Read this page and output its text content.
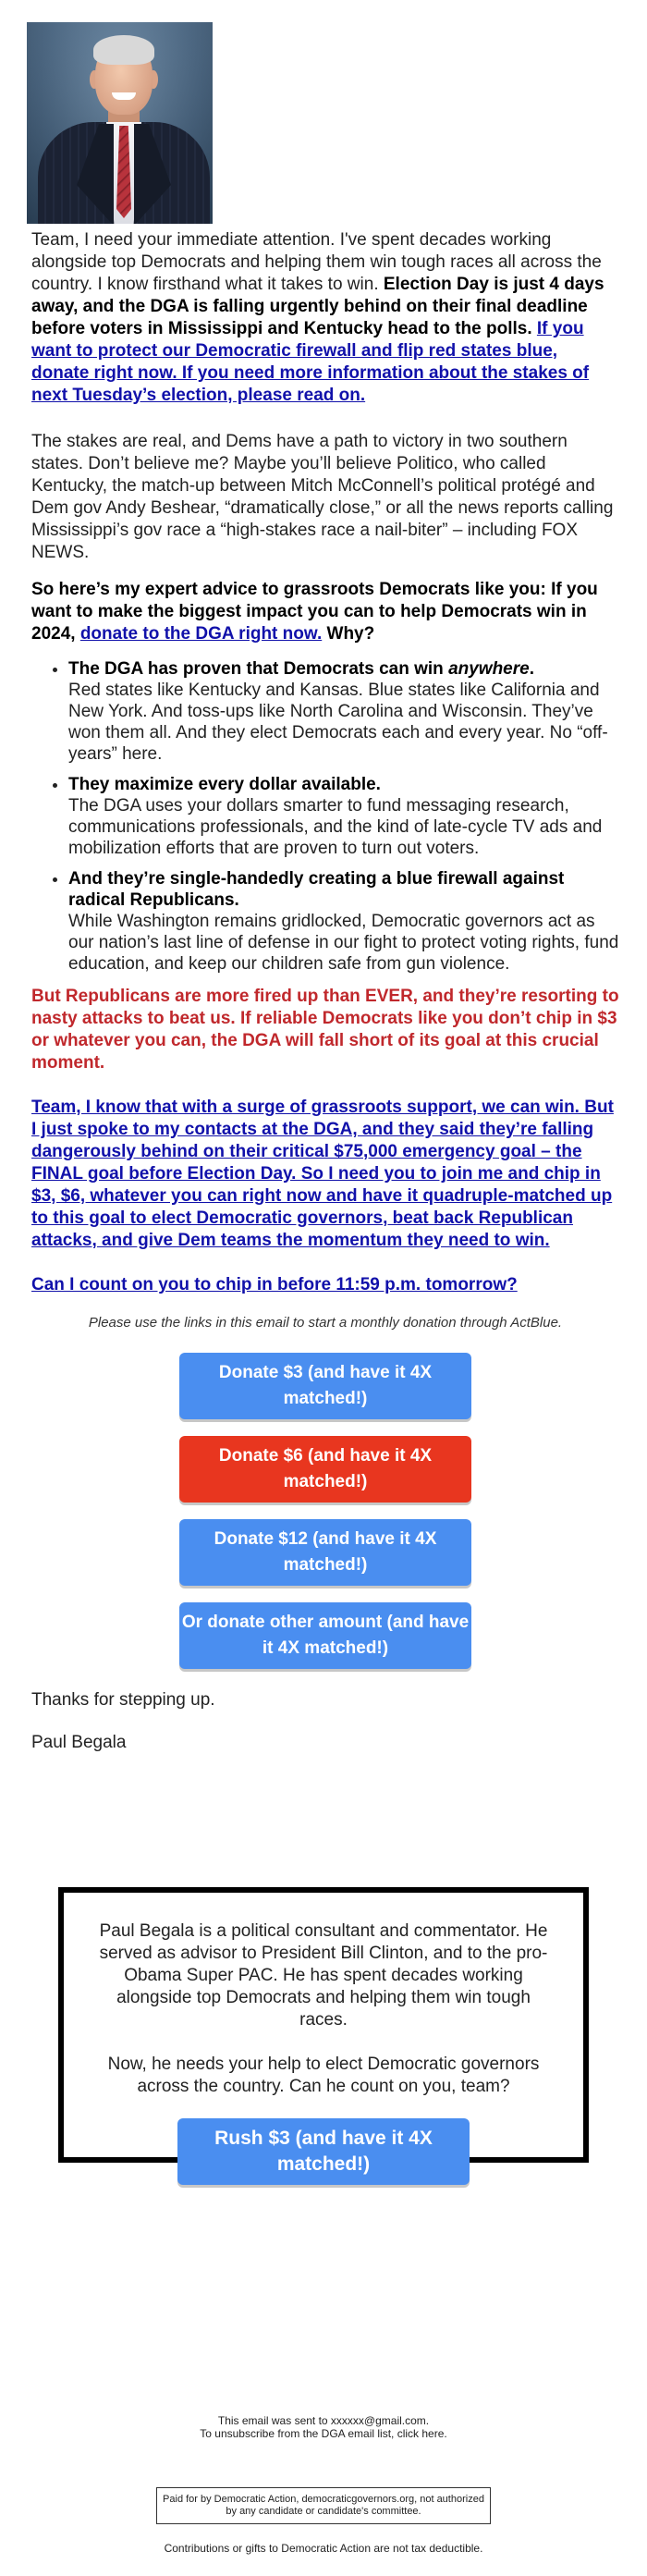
Team, I need your immediate attention. I've spent decades working alongside top Democrats and helping them win tough races all across the country. I know firsthand what it takes to win. Election Day is just 4 days away, and the DGA is falling urgently behind on their final deadline before voters in Mississippi and Kentucky head to the polls. If you want to protect our Democratic firewall and flip red states blue, donate right now. If you need more information about the stakes of next Tuesday’s election, please read on.

The stakes are real, and Dems have a path to victory in two southern states. Don’t believe me? Maybe you’ll believe Politico, who called Kentucky, the match-up between Mitch McConnell’s political protégé and Dem gov Andy Beshear, “dramatically close,” or all the news reports calling Mississippi’s gov race a “high-stakes race a nail-biter” – including FOX NEWS.

So here’s my expert advice to grassroots Democrats like you: If you want to make the biggest impact you can to help Democrats win in 2024, donate to the DGA right now. Why?

• The DGA has proven that Democrats can win anywhere.
Red states like Kentucky and Kansas. Blue states like California and New York. And toss-ups like North Carolina and Wisconsin. They’ve won them all. And they elect Democrats each and every year. No “off-years” here.
• They maximize every dollar available.
The DGA uses your dollars smarter to fund messaging research, communications professionals, and the kind of late-cycle TV ads and mobilization efforts that are proven to turn out voters.
• And they’re single-handedly creating a blue firewall against radical Republicans.
While Washington remains gridlocked, Democratic governors act as our nation’s last line of defense in our fight to protect voting rights, fund education, and keep our children safe from gun violence.

But Republicans are more fired up than EVER, and they’re resorting to nasty attacks to beat us. If reliable Democrats like you don’t chip in $3 or whatever you can, the DGA will fall short of its goal at this crucial moment.

Team, I know that with a surge of grassroots support, we can win. But I just spoke to my contacts at the DGA, and they said they’re falling dangerously behind on their critical $75,000 emergency goal – the FINAL goal before Election Day. So I need you to join me and chip in $3, $6, whatever you can right now and have it quadruple-matched up to this goal to elect Democratic governors, beat back Republican attacks, and give Dem teams the momentum they need to win.

Can I count on you to chip in before 11:59 p.m. tomorrow?

Please use the links in this email to start a monthly donation through ActBlue.

Donate $3 (and have it 4X matched!)
Donate $6 (and have it 4X matched!)
Donate $12 (and have it 4X matched!)
Or donate other amount (and have it 4X matched!)

Thanks for stepping up.

Paul Begala

Paul Begala is a political consultant and commentator. He served as advisor to President Bill Clinton, and to the pro-Obama Super PAC. He has spent decades working alongside top Democrats and helping them win tough races.

Now, he needs your help to elect Democratic governors across the country. Can he count on you, team?

Rush $3 (and have it 4X matched!)
This email was sent to xxxxxx@gmail.com.
To unsubscribe from the DGA email list, click here.
Paid for by Democratic Action, democraticgovernors.org, not authorized by any candidate or candidate's committee.
Contributions or gifts to Democratic Action are not tax deductible.
